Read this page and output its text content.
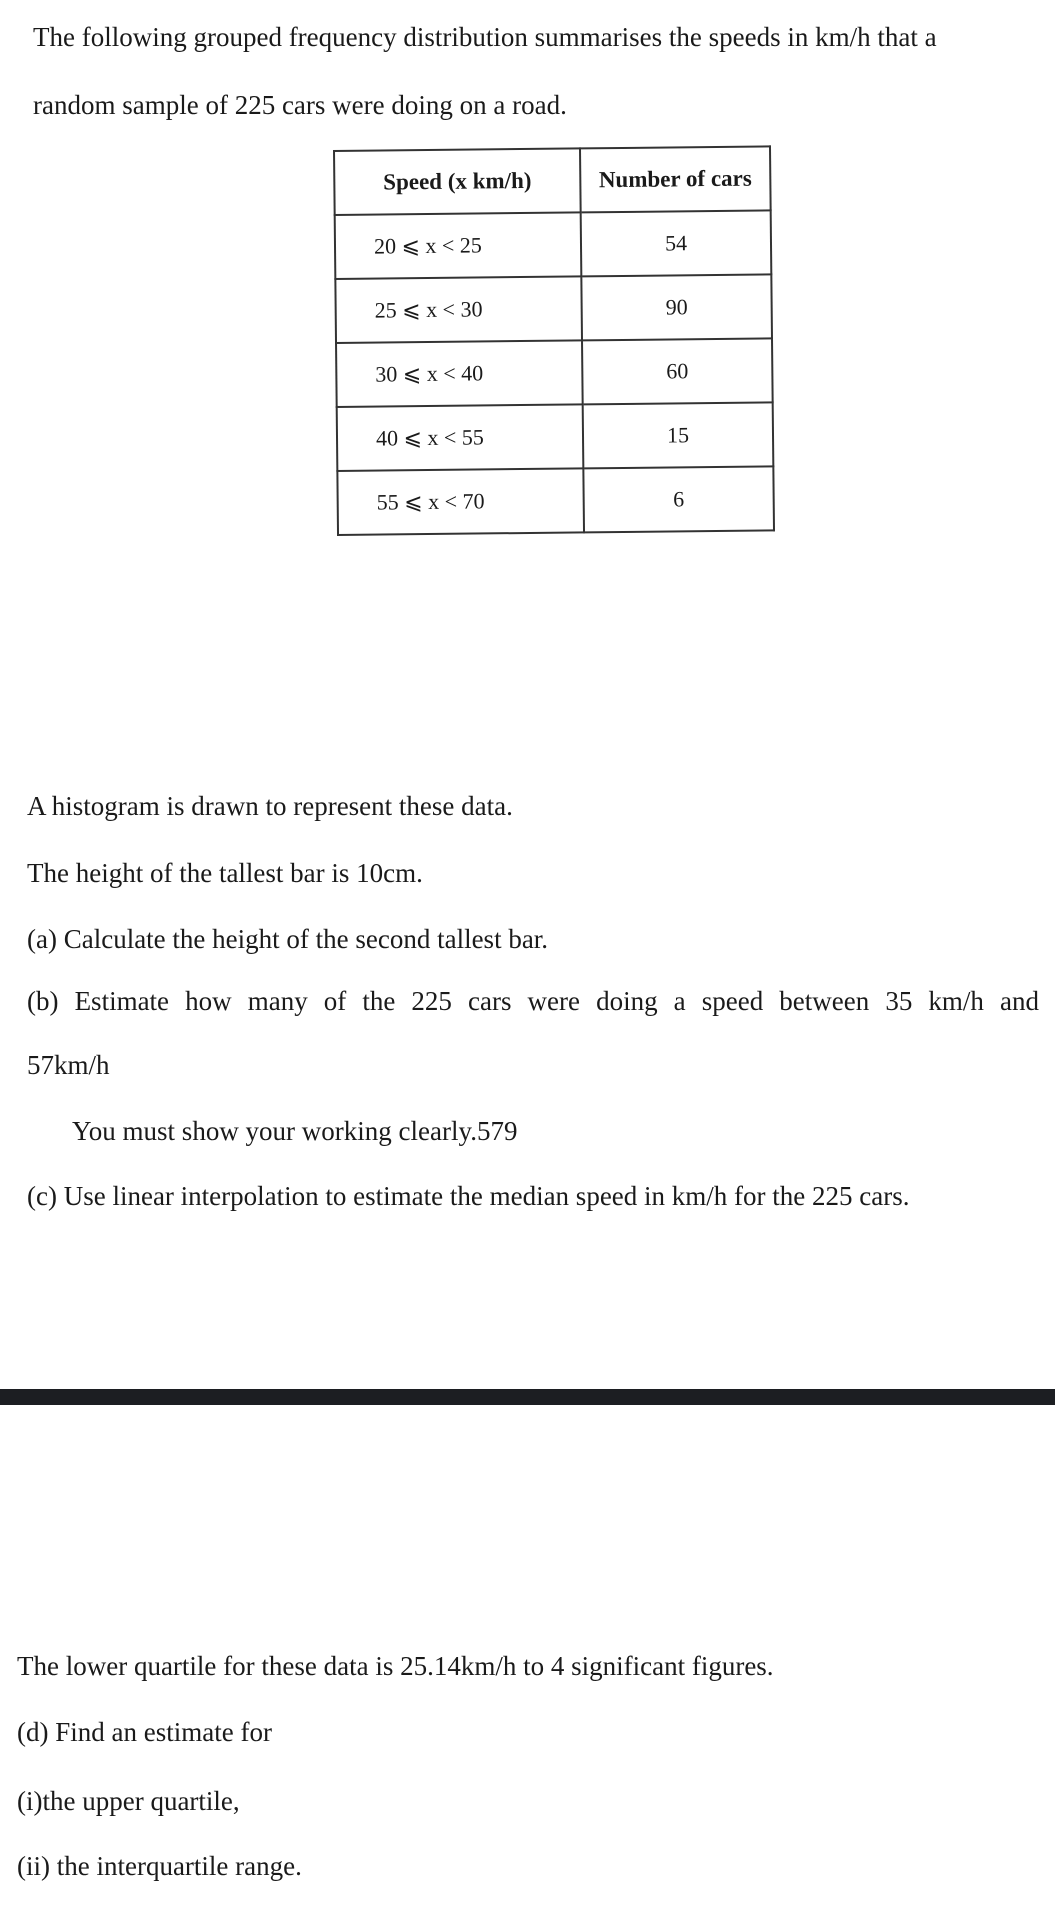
The following grouped frequency distribution summarises the speeds in km/h that a
random sample of 225 cars were doing on a road.
Speed (x km/h)	Number of cars
20 ⩽ x < 25	54
25 ⩽ x < 30	90
30 ⩽ x < 40	60
40 ⩽ x < 55	15
55 ⩽ x < 70	6
A histogram is drawn to represent these data.
The height of the tallest bar is 10cm.
(a) Calculate the height of the second tallest bar.
(b) Estimate how many of the 225 cars were doing a speed between 35 km/h and
57km/h
You must show your working clearly.579
(c) Use linear interpolation to estimate the median speed in km/h for the 225 cars.
The lower quartile for these data is 25.14km/h to 4 significant figures.
(d) Find an estimate for
(i)the upper quartile,
(ii) the interquartile range.
